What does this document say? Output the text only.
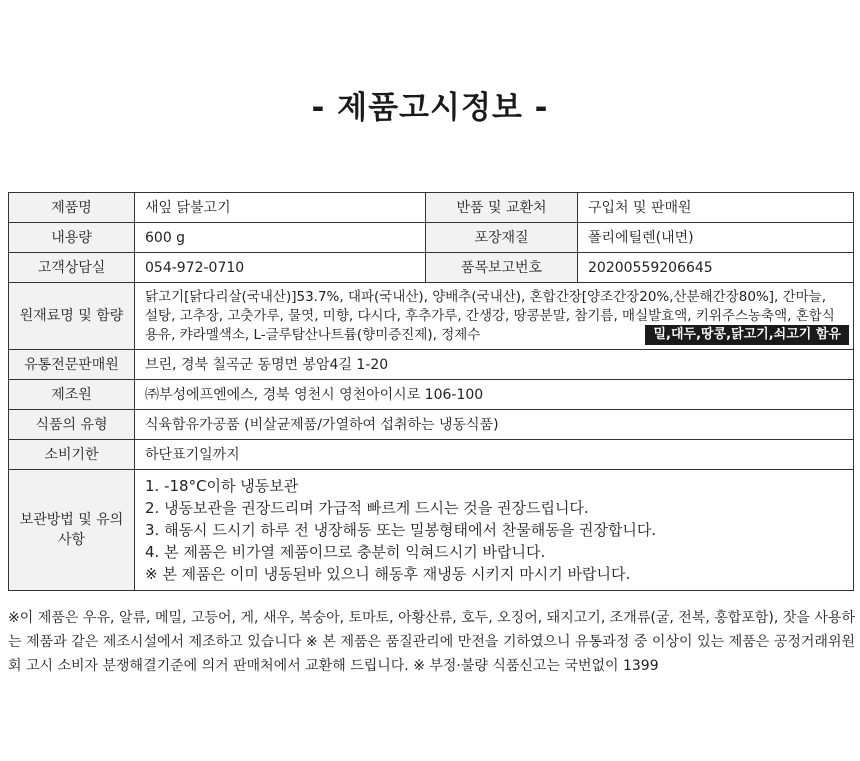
- 제품고시정보 -
제품명	새잎 닭불고기	반품 및 교환처	구입처 및 판매원
내용량	600 g	포장재질	폴리에틸렌(내면)
고객상담실	054-972-0710	품목보고번호	20200559206645
원재료명 및 함량	닭고기[닭다리살(국내산)]53.7%, 대파(국내산), 양배추(국내산), 혼합간장[양조간장20%,산분해간장80%], 간마늘, 설탕, 고추장, 고춧가루, 물엿, 미향, 다시다, 후추가루, 간생강, 땅콩분말, 참기름, 매실발효액, 키위주스농축액, 혼합식용유, 캬라멜색소, L-글루탐산나트륨(향미증진제), 정제수 밀,대두,땅콩,닭고기,쇠고기 함유		

유통전문판매원	브린, 경북 칠곡군 동명면 봉암4길 1-20		
제조원	㈜부성에프엔에스, 경북 영천시 영천아이시로 106-100		
식품의 유형	식육함유가공품 (비살균제품/가열하여 섭취하는 냉동식품)		
소비기한	하단표기일까지		
보관방법 및 유의사항	1. -18°C이하 냉동보관
2. 냉동보관을 권장드리며 가급적 빠르게 드시는 것을 권장드립니다.
3. 해동시 드시기 하루 전 냉장해동 또는 밀봉형태에서 찬물해동을 권장합니다.
4. 본 제품은 비가열 제품이므로 충분히 익혀드시기 바랍니다.
※ 본 제품은 이미 냉동된바 있으니 해동후 재냉동 시키지 마시기 바랍니다.		
※이 제품은 우유, 알류, 메밀, 고등어, 게, 새우, 복숭아, 토마토, 아황산류, 호두, 오징어, 돼지고기, 조개류(굴, 전복, 홍합포함), 잣을 사용하는 제품과 같은 제조시설에서 제조하고 있습니다 ※ 본 제품은 품질관리에 만전을 기하였으니 유통과정 중 이상이 있는 제품은 공정거래위원회 고시 소비자 분쟁해결기준에 의거 판매처에서 교환해 드립니다. ※ 부정·불량 식품신고는 국번없이 1399
